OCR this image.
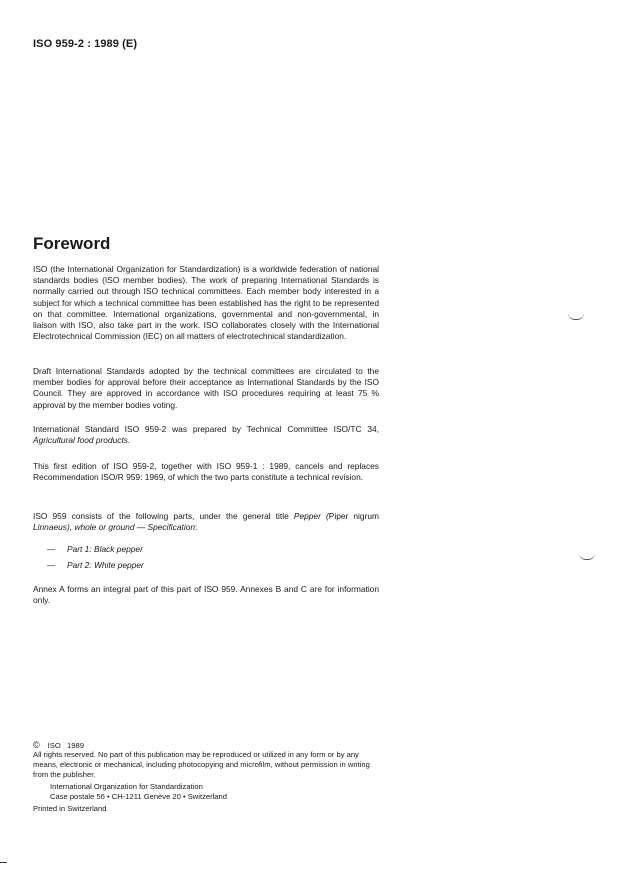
ISO 959-2 : 1989 (E)
Foreword

ISO (the International Organization for Standardization) is a worldwide federation of national standards bodies (ISO member bodies). The work of preparing International Standards is normally carried out through ISO technical committees. Each member body interested in a subject for which a technical committee has been established has the right to be represented on that committee. International organizations, governmental and non-governmental, in liaison with ISO, also take part in the work. ISO collaborates closely with the International Electrotechnical Commission (IEC) on all matters of electrotechnical standardization.

Draft International Standards adopted by the technical committees are circulated to the member bodies for approval before their acceptance as International Standards by the ISO Council. They are approved in accordance with ISO procedures requiring at least 75 % approval by the member bodies voting.

International Standard ISO 959-2 was prepared by Technical Committee ISO/TC 34, Agricultural food products.

This first edition of ISO 959-2, together with ISO 959-1 : 1989, cancels and replaces Recommendation ISO/R 959: 1969, of which the two parts constitute a technical revision.

ISO 959 consists of the following parts, under the general title Pepper (Piper nigrum Linnaeus), whole or ground — Specification:

— Part 1: Black pepper
— Part 2: White pepper

Annex A forms an integral part of this part of ISO 959. Annexes B and C are for information only.

© ISO   1989
All rights reserved. No part of this publication may be reproduced or utilized in any form or by any means, electronic or mechanical, including photocopying and microfilm, without permission in writing from the publisher.
International Organization for Standardization
Case postale 56 • CH-1211 Genève 20 • Switzerland
Printed in Switzerland
